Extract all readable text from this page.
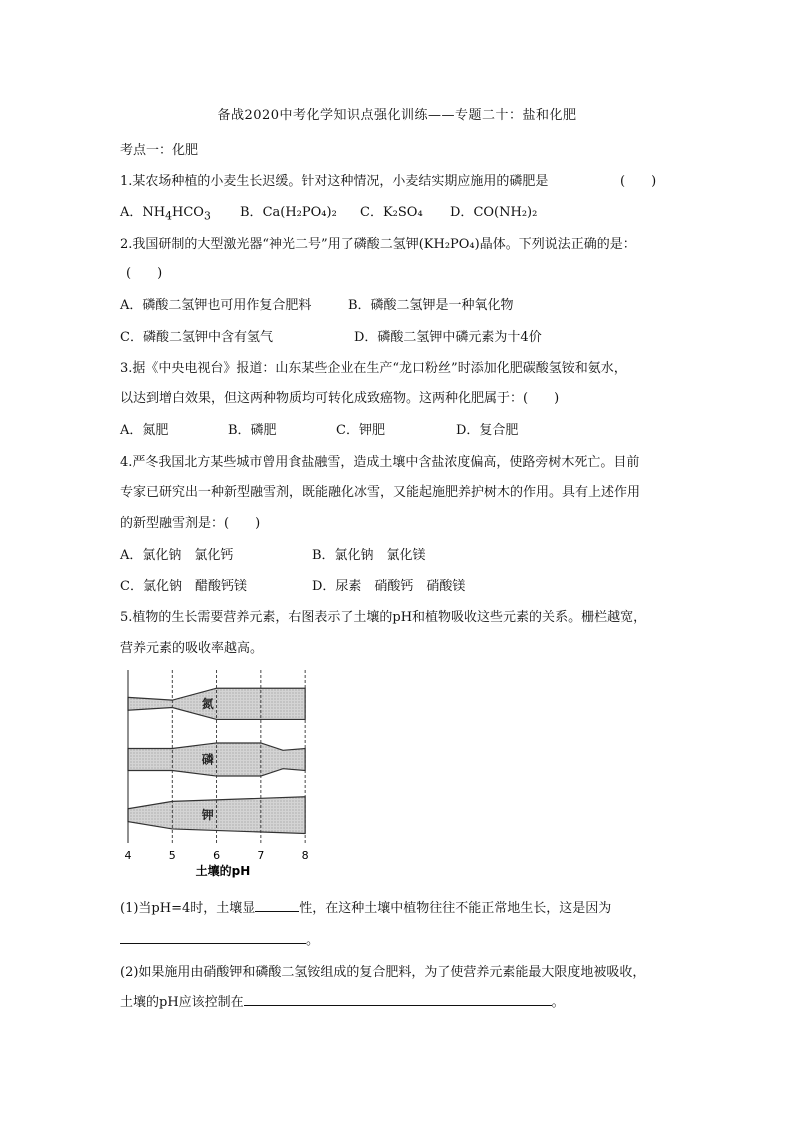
备战2020中考化学知识点强化训练——专题二十：盐和化肥
考点一：化肥
1.某农场种植的小麦生长迟缓。针对这种情况，小麦结实期应施用的磷肥是	(　　)
A．$NH_4HCO_3$ B．Ca(H₂PO₄)₂ C．K₂SO₄ D．CO(NH₂)₂
2.我国研制的大型激光器“神光二号”用了磷酸二氢钾(KH₂PO₄)晶体。下列说法正确的是：
(　　)
A．磷酸二氢钾也可用作复合肥料	B．磷酸二氢钾是一种氧化物
C．磷酸二氢钾中含有氢气	D．磷酸二氢钾中磷元素为十4价
3.据《中央电视台》报道：山东某些企业在生产“龙口粉丝”时添加化肥碳酸氢铵和氨水，
以达到增白效果，但这两种物质均可转化成致癌物。这两种化肥属于：(　　)
A．氮肥	B．磷肥	C．钾肥	D．复合肥
4.严冬我国北方某些城市曾用食盐融雪，造成土壤中含盐浓度偏高，使路旁树木死亡。目前
专家已研究出一种新型融雪剂，既能融化冰雪，又能起施肥养护树木的作用。具有上述作用
的新型融雪剂是：(　　)
A．氯化钠　氯化钙	B．氯化钠　氯化镁
C．氯化钠　醋酸钙镁	D．尿素　硝酸钙　硝酸镁
5.植物的生长需要营养元素，右图表示了土壤的pH和植物吸收这些元素的关系。栅栏越宽，
营养元素的吸收率越高。
氮
磷
钾
4	5	6	7	8
土壤的pH
(1)当pH=4时，土壤显	性，在这种土壤中植物往往不能正常地生长，这是因为
。
(2)如果施用由硝酸钾和磷酸二氢铵组成的复合肥料，为了使营养元素能最大限度地被吸收，
土壤的pH应该控制在	。
